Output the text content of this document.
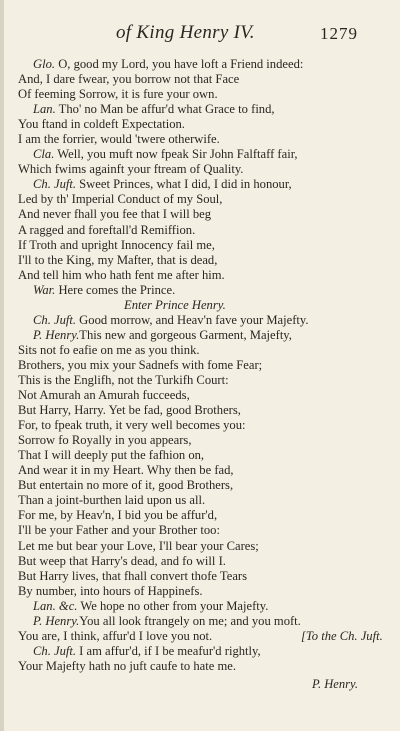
of King Henry IV.	1279
Glo. O, good my Lord, you have loft a Friend indeed:
And, I dare fwear, you borrow not that Face
Of feeming Sorrow, it is fure your own.
Lan. Tho' no Man be affur'd what Grace to find,
You ftand in coldeft Expectation.
I am the forrier, would 'twere otherwife.
Cla. Well, you muft now fpeak Sir John Falftaff fair,
Which fwims againft your ftream of Quality.
Ch. Juft. Sweet Princes, what I did, I did in honour,
Led by th' Imperial Conduct of my Soul,
And never fhall you fee that I will beg
A ragged and foreftall'd Remiffion.
If Troth and upright Innocency fail me,
I'll to the King, my Mafter, that is dead,
And tell him who hath fent me after him.
War. Here comes the Prince.
Enter Prince Henry.
Ch. Juft. Good morrow, and Heav'n fave your Majefty.
P. Henry.This new and gorgeous Garment, Majefty,
Sits not fo eafie on me as you think.
Brothers, you mix your Sadnefs with fome Fear;
This is the Englifh, not the Turkifh Court:
Not Amurah an Amurah fucceeds,
But Harry, Harry. Yet be fad, good Brothers,
For, to fpeak truth, it very well becomes you:
Sorrow fo Royally in you appears,
That I will deeply put the fafhion on,
And wear it in my Heart. Why then be fad,
But entertain no more of it, good Brothers,
Than a joint-burthen laid upon us all.
For me, by Heav'n, I bid you be affur'd,
I'll be your Father and your Brother too:
Let me but bear your Love, I'll bear your Cares;
But weep that Harry's dead, and fo will I.
But Harry lives, that fhall convert thofe Tears
By number, into hours of Happinefs.
Lan. &c. We hope no other from your Majefty.
P. Henry.You all look ftrangely on me; and you moft.
You are, I think, affur'd I love you not.	[To the Ch. Juft.
Ch. Juft. I am affur'd, if I be meafur'd rightly,
Your Majefty hath no juft caufe to hate me.
P. Henry.
